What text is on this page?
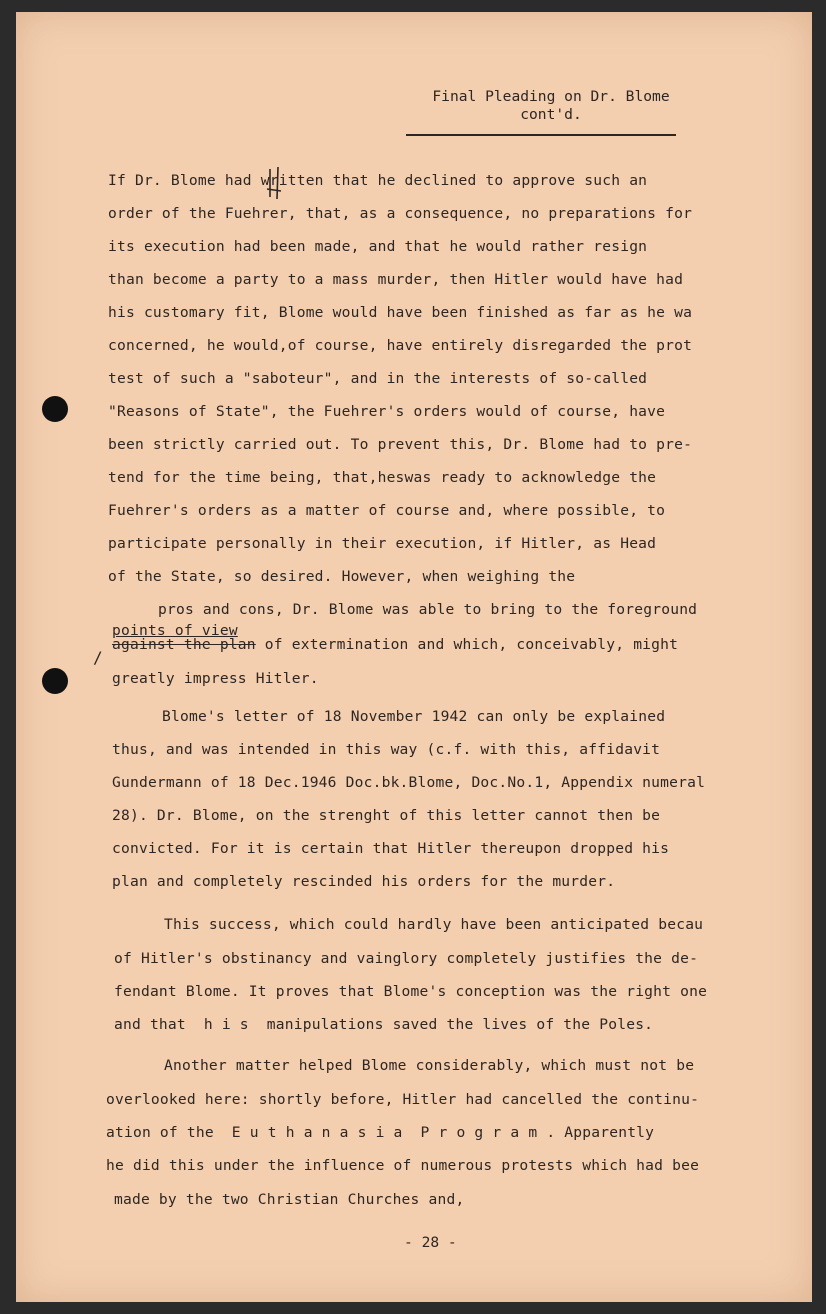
Final Pleading on Dr. Blome
cont'd.
If Dr. Blome had written that he declined to approve such an
order of the Fuehrer, that, as a consequence, no preparations for
its execution had been made, and that he would rather resign
than become a party to a mass murder, then Hitler would have had
his customary fit, Blome would have been finished as far as he wa
concerned, he would,of course, have entirely disregarded the prot
test of such a "saboteur", and in the interests of so-called
"Reasons of State", the Fuehrer's orders would of course, have
been strictly carried out. To prevent this, Dr. Blome had to pre-
tend for the time being, that,heswas ready to acknowledge the
Fuehrer's orders as a matter of course and, where possible, to
participate personally in their execution, if Hitler, as Head
of the State, so desired. However, when weighing the
pros and cons, Dr. Blome was able to bring to the foreground
points of view
/
against the plan of extermination and which, conceivably, might
greatly impress Hitler.
Blome's letter of 18 November 1942 can only be explained
thus, and was intended in this way (c.f. with this, affidavit
Gundermann of 18 Dec.1946 Doc.bk.Blome, Doc.No.1, Appendix numeral
28). Dr. Blome, on the strenght of this letter cannot then be
convicted. For it is certain that Hitler thereupon dropped his
plan and completely rescinded his orders for the murder.
This success, which could hardly have been anticipated becau
of Hitler's obstinancy and vainglory completely justifies the de-
fendant Blome. It proves that Blome's conception was the right one
and that  h i s  manipulations saved the lives of the Poles.
Another matter helped Blome considerably, which must not be
overlooked here: shortly before, Hitler had cancelled the continu-
ation of the  E u t h a n a s i a  P r o g r a m . Apparently
he did this under the influence of numerous protests which had bee
made by the two Christian Churches and,
- 28 -
